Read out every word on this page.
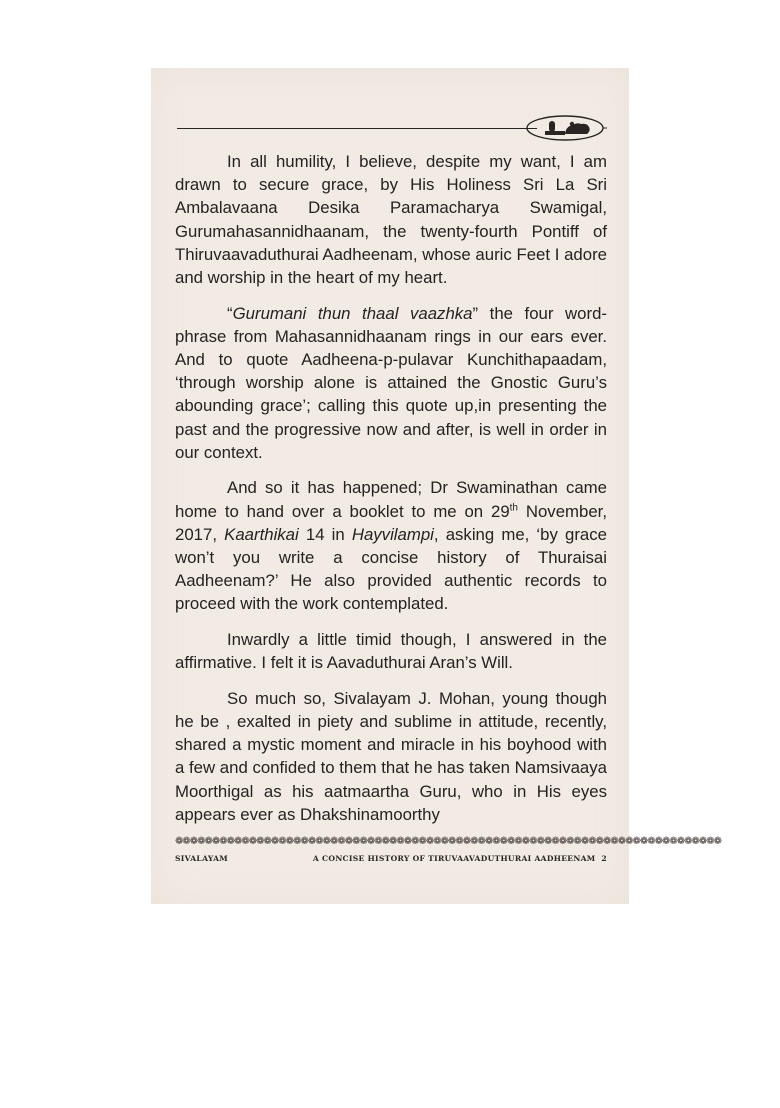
In all humility, I believe, despite my want, I am drawn to secure grace, by His Holiness Sri La Sri Ambalavaana Desika Paramacharya Swamigal, Gurumahasannidhaanam, the twenty-fourth Pontiff of Thiruvaavaduthurai Aadheenam, whose auric Feet I adore and worship in the heart of my heart.

“Gurumani thun thaal vaazhka” the four word-phrase from Mahasannidhaanam rings in our ears ever. And to quote Aadheena-p-pulavar Kunchithapaadam, ‘through worship alone is attained the Gnostic Guru’s abounding grace’; calling this quote up,in presenting the past and the progressive now and after, is well in order in our context.

And so it has happened; Dr Swaminathan came home to hand over a booklet to me on 29th November, 2017, Kaarthikai 14 in Hayvilampi, asking me, ‘by grace won’t you write a concise history of Thuraisai Aadheenam?’ He also provided authentic records to proceed with the work contemplated.

Inwardly a little timid though, I answered in the affirmative. I felt it is Aavaduthurai Aran’s Will.

So much so, Sivalayam J. Mohan, young though he be , exalted in piety and sublime in attitude, recently, shared a mystic moment and miracle in his boyhood with a few and confided to them that he has taken Namsivaaya Moorthigal as his aatmaartha Guru, who in His eyes appears ever as Dhakshinamoorthy

❁❁❁❁❁❁❁❁❁❁❁❁❁❁❁❁❁❁❁❁❁❁❁❁❁❁❁❁❁❁❁❁❁❁❁❁❁❁❁❁❁❁❁❁❁❁❁❁❁❁❁❁❁❁❁❁❁❁❁❁❁❁❁❁❁❁❁❁❁❁❁❁❁❁
SIVALAYAM	A CONCISE HISTORY OF TIRUVAAVADUTHURAI AADHEENAM 2
